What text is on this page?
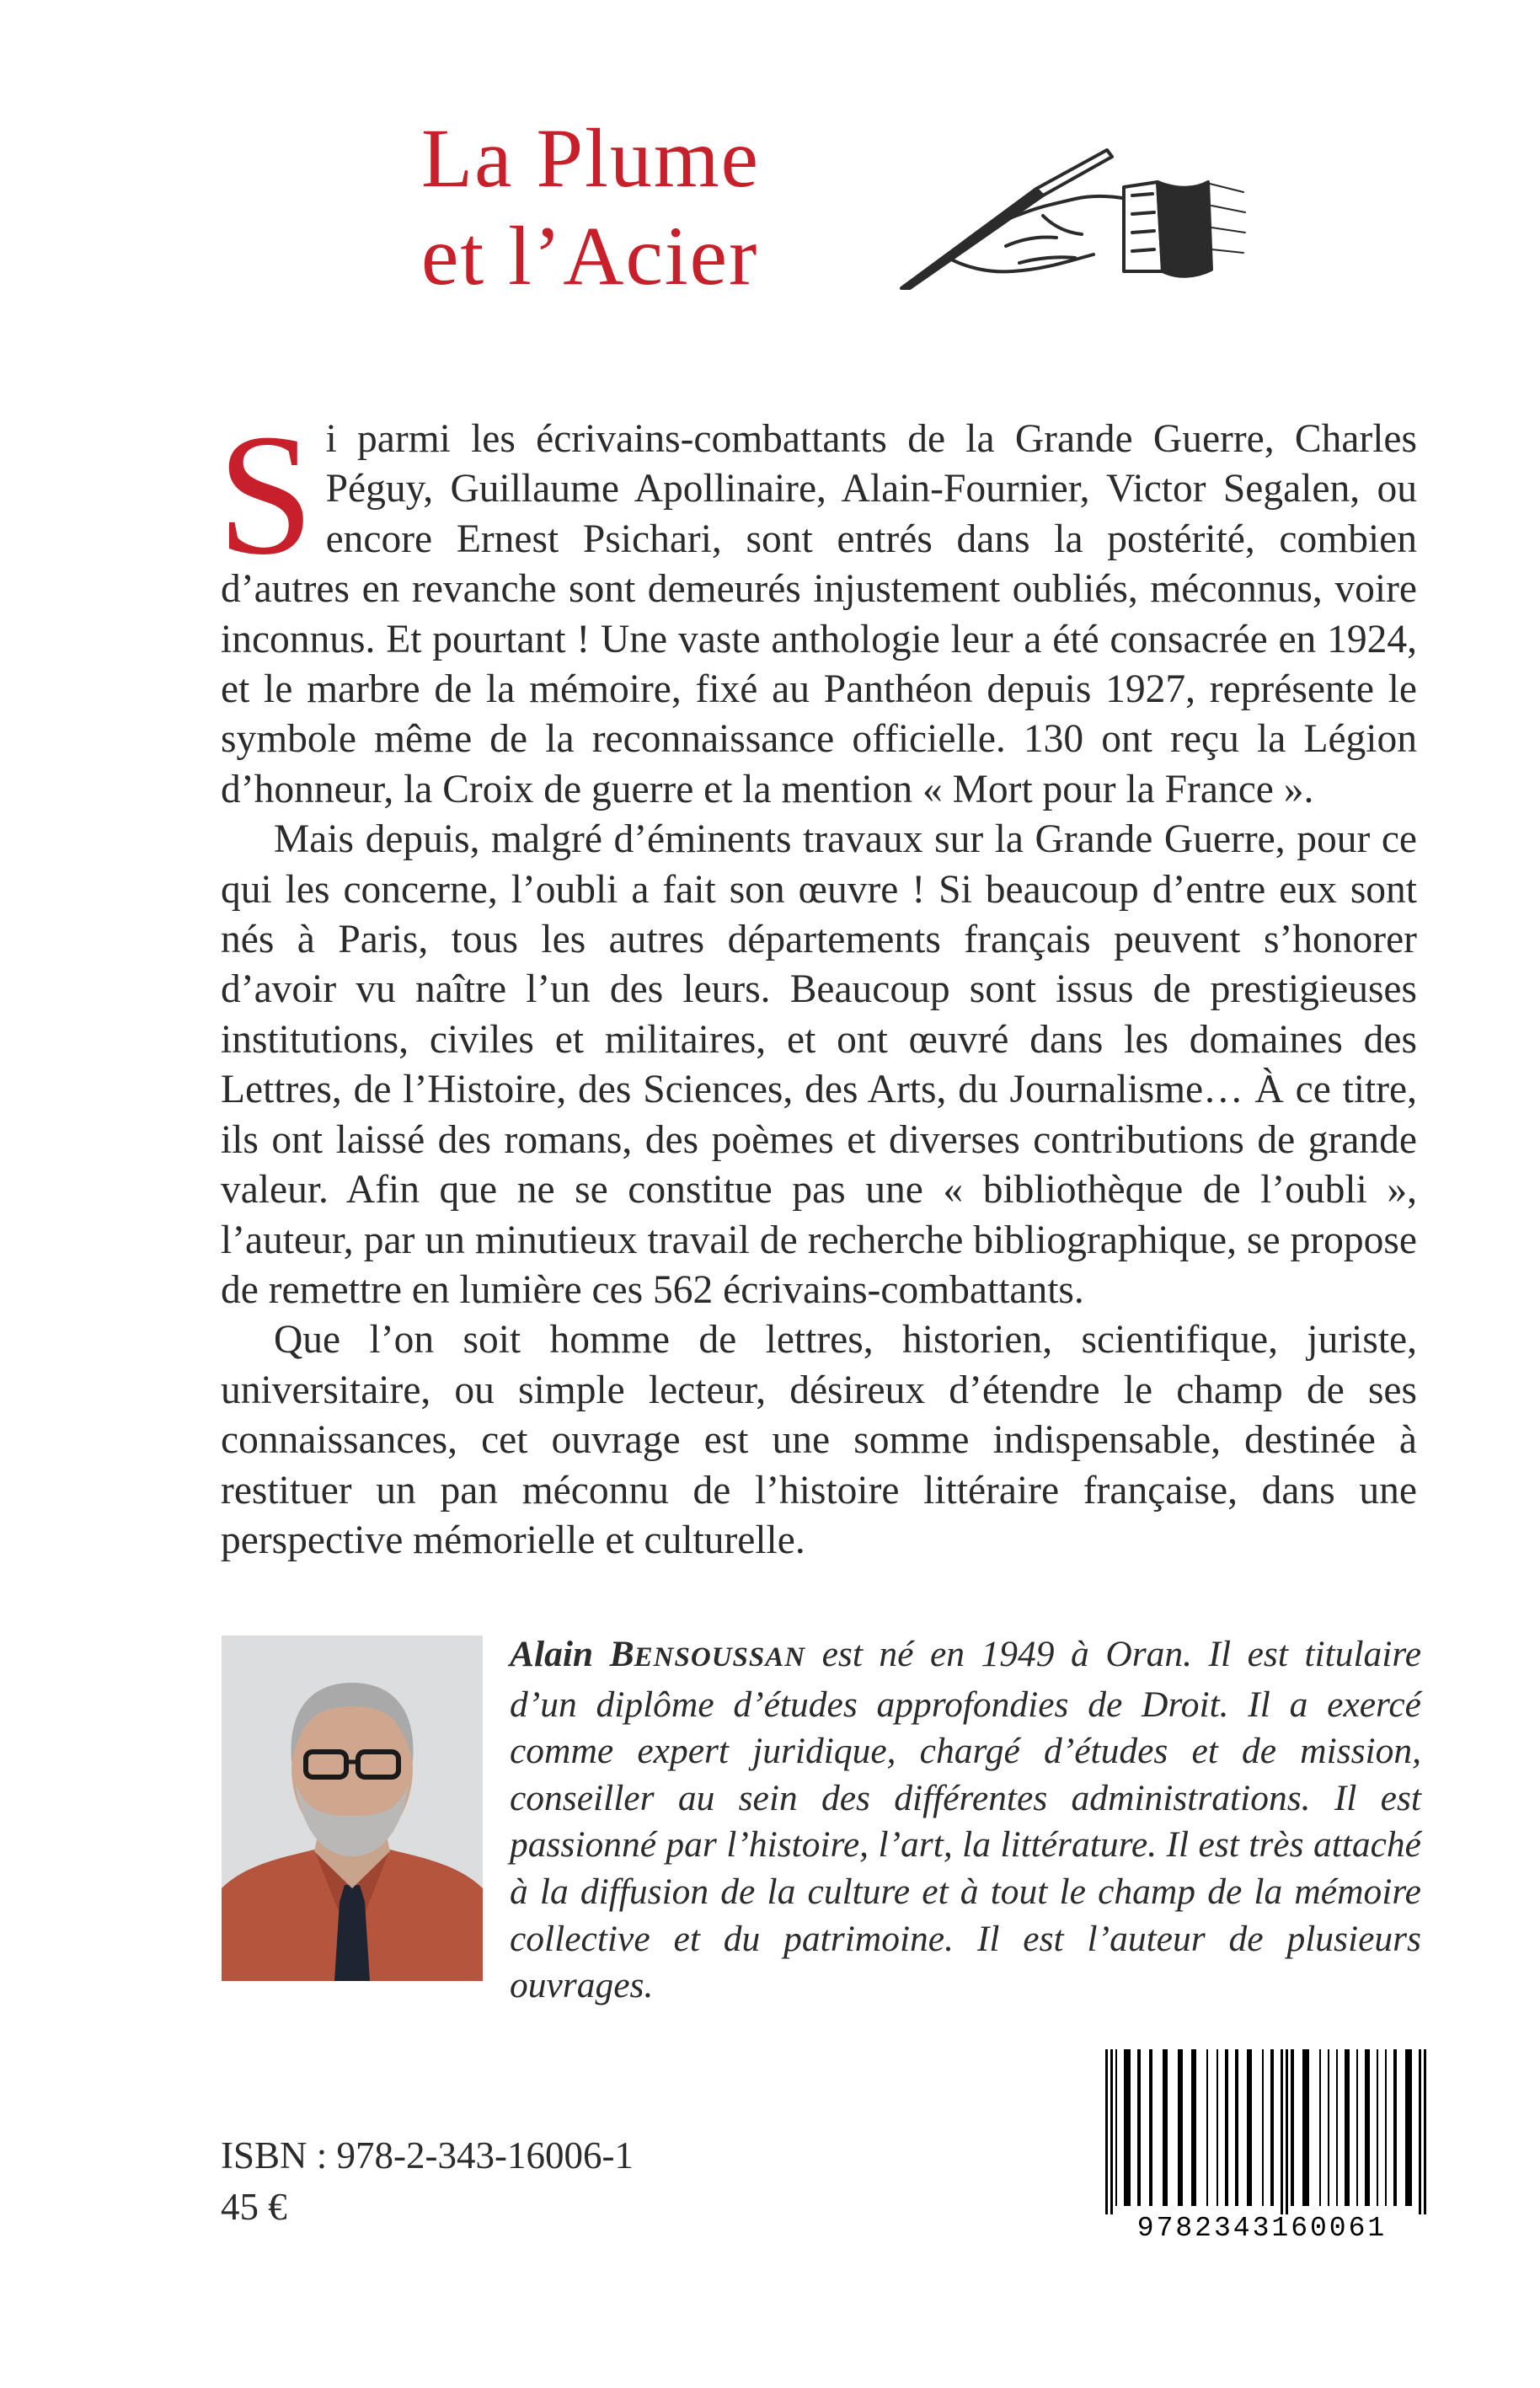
La Plume
et l’Acier

Si parmi les écrivains-combattants de la Grande Guerre, Charles Péguy, Guillaume Apollinaire, Alain-Fournier, Victor Segalen, ou encore Ernest Psichari, sont entrés dans la postérité, combien d’autres en revanche sont demeurés injustement oubliés, méconnus, voire inconnus. Et pourtant ! Une vaste anthologie leur a été consacrée en 1924, et le marbre de la mémoire, fixé au Panthéon depuis 1927, représente le symbole même de la reconnaissance officielle. 130 ont reçu la Légion d’honneur, la Croix de guerre et la mention « Mort pour la France ».

Mais depuis, malgré d’éminents travaux sur la Grande Guerre, pour ce qui les concerne, l’oubli a fait son œuvre ! Si beaucoup d’entre eux sont nés à Paris, tous les autres départements français peuvent s’honorer d’avoir vu naître l’un des leurs. Beaucoup sont issus de prestigieuses institutions, civiles et militaires, et ont œuvré dans les domaines des Lettres, de l’Histoire, des Sciences, des Arts, du Journalisme… À ce titre, ils ont laissé des romans, des poèmes et diverses contributions de grande valeur. Afin que ne se constitue pas une « bibliothèque de l’oubli », l’auteur, par un minutieux travail de recherche bibliographique, se propose de remettre en lumière ces 562 écrivains-combattants.

Que l’on soit homme de lettres, historien, scientifique, juriste, universitaire, ou simple lecteur, désireux d’étendre le champ de ses connaissances, cet ouvrage est une somme indispensable, destinée à restituer un pan méconnu de l’histoire littéraire française, dans une perspective mémorielle et culturelle.

Alain BENSOUSSAN est né en 1949 à Oran. Il est titulaire d’un diplôme d’études approfondies de Droit. Il a exercé comme expert juridique, chargé d’études et de mission, conseiller au sein des différentes administrations. Il est passionné par l’histoire, l’art, la littérature. Il est très attaché à la diffusion de la culture et à tout le champ de la mémoire collective et du patrimoine. Il est l’auteur de plusieurs ouvrages.

ISBN : 978-2-343-16006-1
45 €
9782343160061
